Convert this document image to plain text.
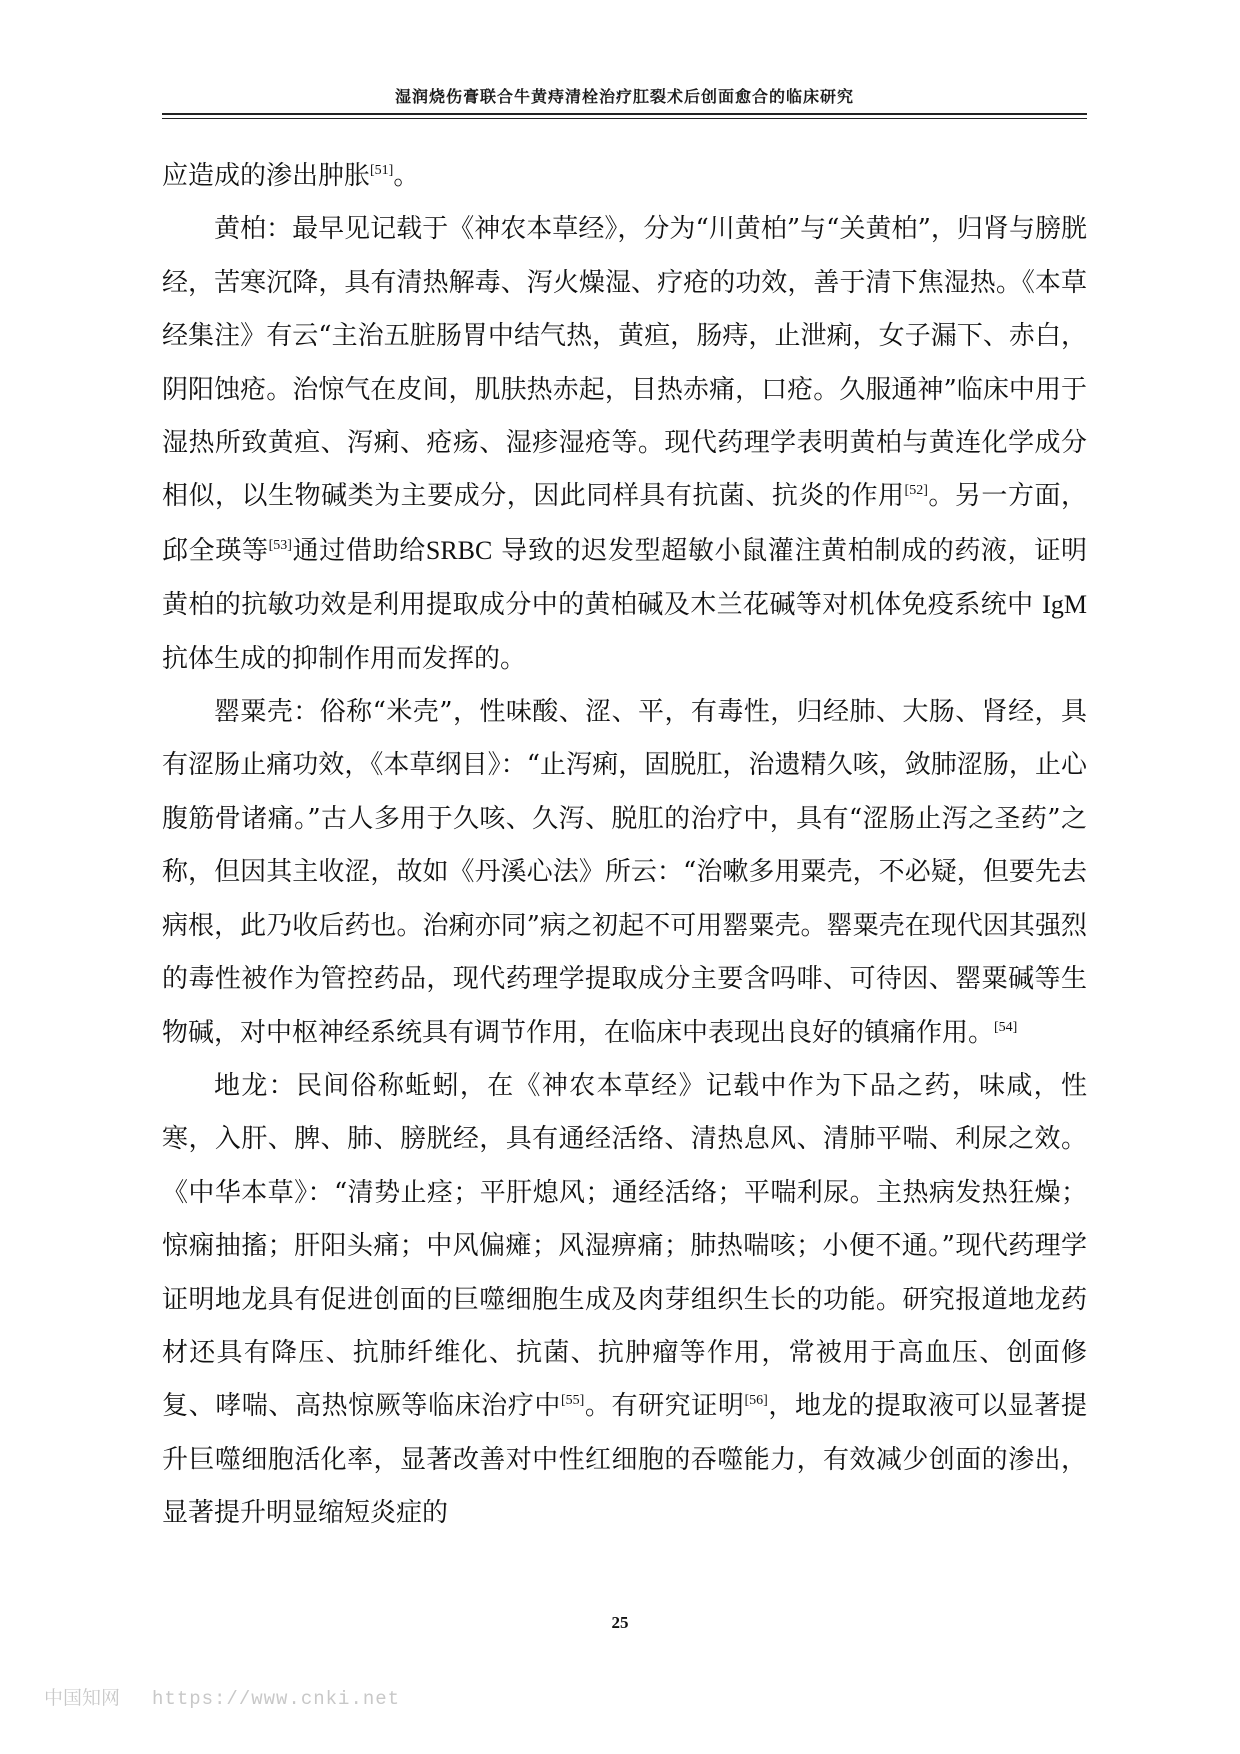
湿润烧伤膏联合牛黄痔清栓治疗肛裂术后创面愈合的临床研究

应造成的渗出肿胀[51]。

黄柏：最早见记载于《神农本草经》，分为“川黄柏”与“关黄柏”，归肾与膀胱经，苦寒沉降，具有清热解毒、泻火燥湿、疗疮的功效，善于清下焦湿热。《本草经集注》有云“主治五脏肠胃中结气热，黄疸，肠痔，止泄痢，女子漏下、赤白，阴阳蚀疮。治惊气在皮间，肌肤热赤起，目热赤痛，口疮。久服通神”临床中用于湿热所致黄疸、泻痢、疮疡、湿疹湿疮等。现代药理学表明黄柏与黄连化学成分相似，以生物碱类为主要成分，因此同样具有抗菌、抗炎的作用[52]。另一方面，邱全瑛等[53]通过借助给SRBC 导致的迟发型超敏小鼠灌注黄柏制成的药液，证明黄柏的抗敏功效是利用提取成分中的黄柏碱及木兰花碱等对机体免疫系统中 IgM 抗体生成的抑制作用而发挥的。

罂粟壳：俗称“米壳”，性味酸、涩、平，有毒性，归经肺、大肠、肾经，具有涩肠止痛功效，《本草纲目》：“止泻痢，固脱肛，治遗精久咳，敛肺涩肠，止心腹筋骨诸痛。”古人多用于久咳、久泻、脱肛的治疗中，具有“涩肠止泻之圣药”之称，但因其主收涩，故如《丹溪心法》所云：“治嗽多用粟壳，不必疑，但要先去病根，此乃收后药也。治痢亦同”病之初起不可用罂粟壳。罂粟壳在现代因其强烈的毒性被作为管控药品，现代药理学提取成分主要含吗啡、可待因、罂粟碱等生物碱，对中枢神经系统具有调节作用，在临床中表现出良好的镇痛作用。[54]

地龙：民间俗称蚯蚓，在《神农本草经》记载中作为下品之药，味咸，性寒，入肝、脾、肺、膀胱经，具有通经活络、清热息风、清肺平喘、利尿之效。《中华本草》：“清势止痉；平肝熄风；通经活络；平喘利尿。主热病发热狂燥；惊痫抽搐；肝阳头痛；中风偏瘫；风湿痹痛；肺热喘咳；小便不通。”现代药理学证明地龙具有促进创面的巨噬细胞生成及肉芽组织生长的功能。研究报道地龙药材还具有降压、抗肺纤维化、抗菌、抗肿瘤等作用，常被用于高血压、创面修复、哮喘、高热惊厥等临床治疗中[55]。有研究证明[56]，地龙的提取液可以显著提升巨噬细胞活化率，显著改善对中性红细胞的吞噬能力，有效减少创面的渗出，显著提升明显缩短炎症的

25
中国知网 https://www.cnki.net
